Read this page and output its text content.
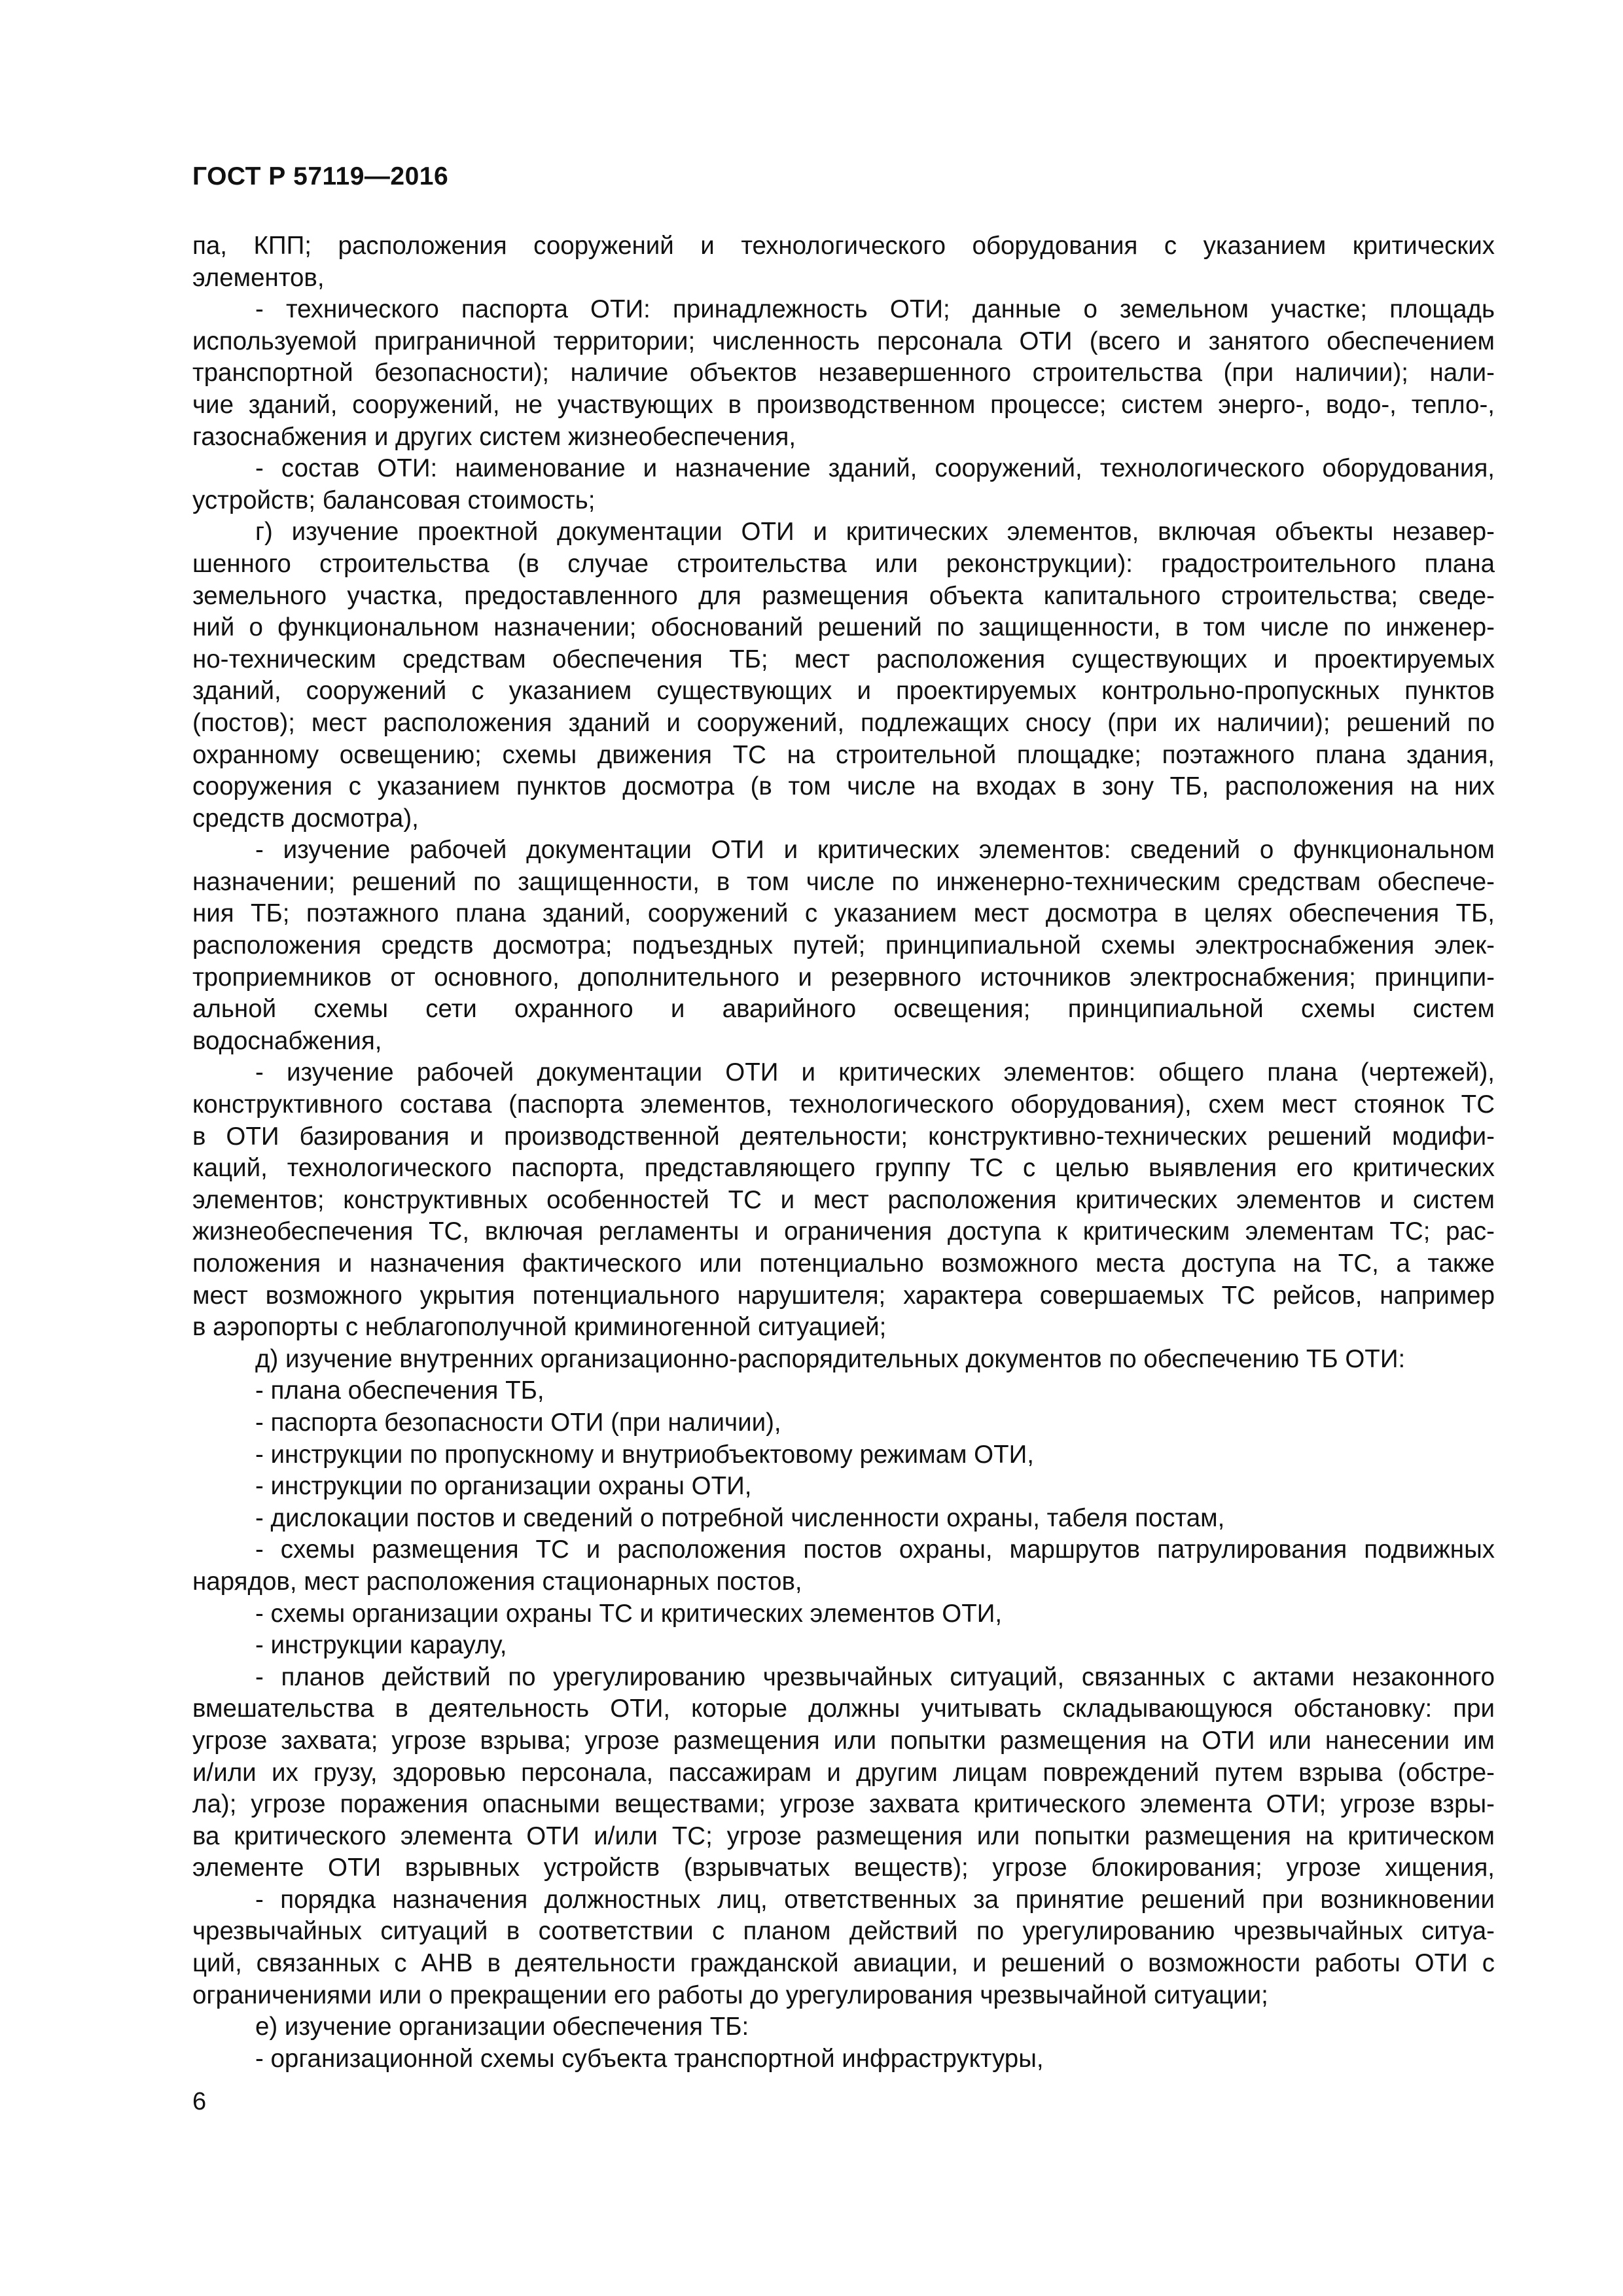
ГОСТ Р 57119—2016
па, КПП; расположения сооружений и технологического оборудования с указанием критических
элементов,
- технического паспорта ОТИ: принадлежность ОТИ; данные о земельном участке; площадь
используемой приграничной территории; численность персонала ОТИ (всего и занятого обеспечением
транспортной безопасности); наличие объектов незавершенного строительства (при наличии); нали-
чие зданий, сооружений, не участвующих в производственном процессе; систем энерго-, водо-, тепло-,
газоснабжения и других систем жизнеобеспечения,
- состав ОТИ: наименование и назначение зданий, сооружений, технологического оборудования,
устройств; балансовая стоимость;
г) изучение проектной документации ОТИ и критических элементов, включая объекты незавер-
шенного строительства (в случае строительства или реконструкции): градостроительного плана
земельного участка, предоставленного для размещения объекта капитального строительства; сведе-
ний о функциональном назначении; обоснований решений по защищенности, в том числе по инженер-
но-техническим средствам обеспечения ТБ; мест расположения существующих и проектируемых
зданий, сооружений с указанием существующих и проектируемых контрольно-пропускных пунктов
(постов); мест расположения зданий и сооружений, подлежащих сносу (при их наличии); решений по
охранному освещению; схемы движения ТС на строительной площадке; поэтажного плана здания,
сооружения с указанием пунктов досмотра (в том числе на входах в зону ТБ, расположения на них
средств досмотра),
- изучение рабочей документации ОТИ и критических элементов: сведений о функциональном
назначении; решений по защищенности, в том числе по инженерно-техническим средствам обеспече-
ния ТБ; поэтажного плана зданий, сооружений с указанием мест досмотра в целях обеспечения ТБ,
расположения средств досмотра; подъездных путей; принципиальной схемы электроснабжения элек-
троприемников от основного, дополнительного и резервного источников электроснабжения; принципи-
альной схемы сети охранного и аварийного освещения; принципиальной схемы систем
водоснабжения,
- изучение рабочей документации ОТИ и критических элементов: общего плана (чертежей),
конструктивного состава (паспорта элементов, технологического оборудования), схем мест стоянок ТС
в ОТИ базирования и производственной деятельности; конструктивно-технических решений модифи-
каций, технологического паспорта, представляющего группу ТС с целью выявления его критических
элементов; конструктивных особенностей ТС и мест расположения критических элементов и систем
жизнеобеспечения ТС, включая регламенты и ограничения доступа к критическим элементам ТС; рас-
положения и назначения фактического или потенциально возможного места доступа на ТС, а также
мест возможного укрытия потенциального нарушителя; характера совершаемых ТС рейсов, например
в аэропорты с неблагополучной криминогенной ситуацией;
д) изучение внутренних организационно-распорядительных документов по обеспечению ТБ ОТИ:
- плана обеспечения ТБ,
- паспорта безопасности ОТИ (при наличии),
- инструкции по пропускному и внутриобъектовому режимам ОТИ,
- инструкции по организации охраны ОТИ,
- дислокации постов и сведений о потребной численности охраны, табеля постам,
- схемы размещения ТС и расположения постов охраны, маршрутов патрулирования подвижных
нарядов, мест расположения стационарных постов,
- схемы организации охраны ТС и критических элементов ОТИ,
- инструкции караулу,
- планов действий по урегулированию чрезвычайных ситуаций, связанных с актами незаконного
вмешательства в деятельность ОТИ, которые должны учитывать складывающуюся обстановку: при
угрозе захвата; угрозе взрыва; угрозе размещения или попытки размещения на ОТИ или нанесении им
и/или их грузу, здоровью персонала, пассажирам и другим лицам повреждений путем взрыва (обстре-
ла); угрозе поражения опасными веществами; угрозе захвата критического элемента ОТИ; угрозе взры-
ва критического элемента ОТИ и/или ТС; угрозе размещения или попытки размещения на критическом
элементе ОТИ взрывных устройств (взрывчатых веществ); угрозе блокирования; угрозе хищения,
- порядка назначения должностных лиц, ответственных за принятие решений при возникновении
чрезвычайных ситуаций в соответствии с планом действий по урегулированию чрезвычайных ситуа-
ций, связанных с АНВ в деятельности гражданской авиации, и решений о возможности работы ОТИ с
ограничениями или о прекращении его работы до урегулирования чрезвычайной ситуации;
е) изучение организации обеспечения ТБ:
- организационной схемы субъекта транспортной инфраструктуры,
6
